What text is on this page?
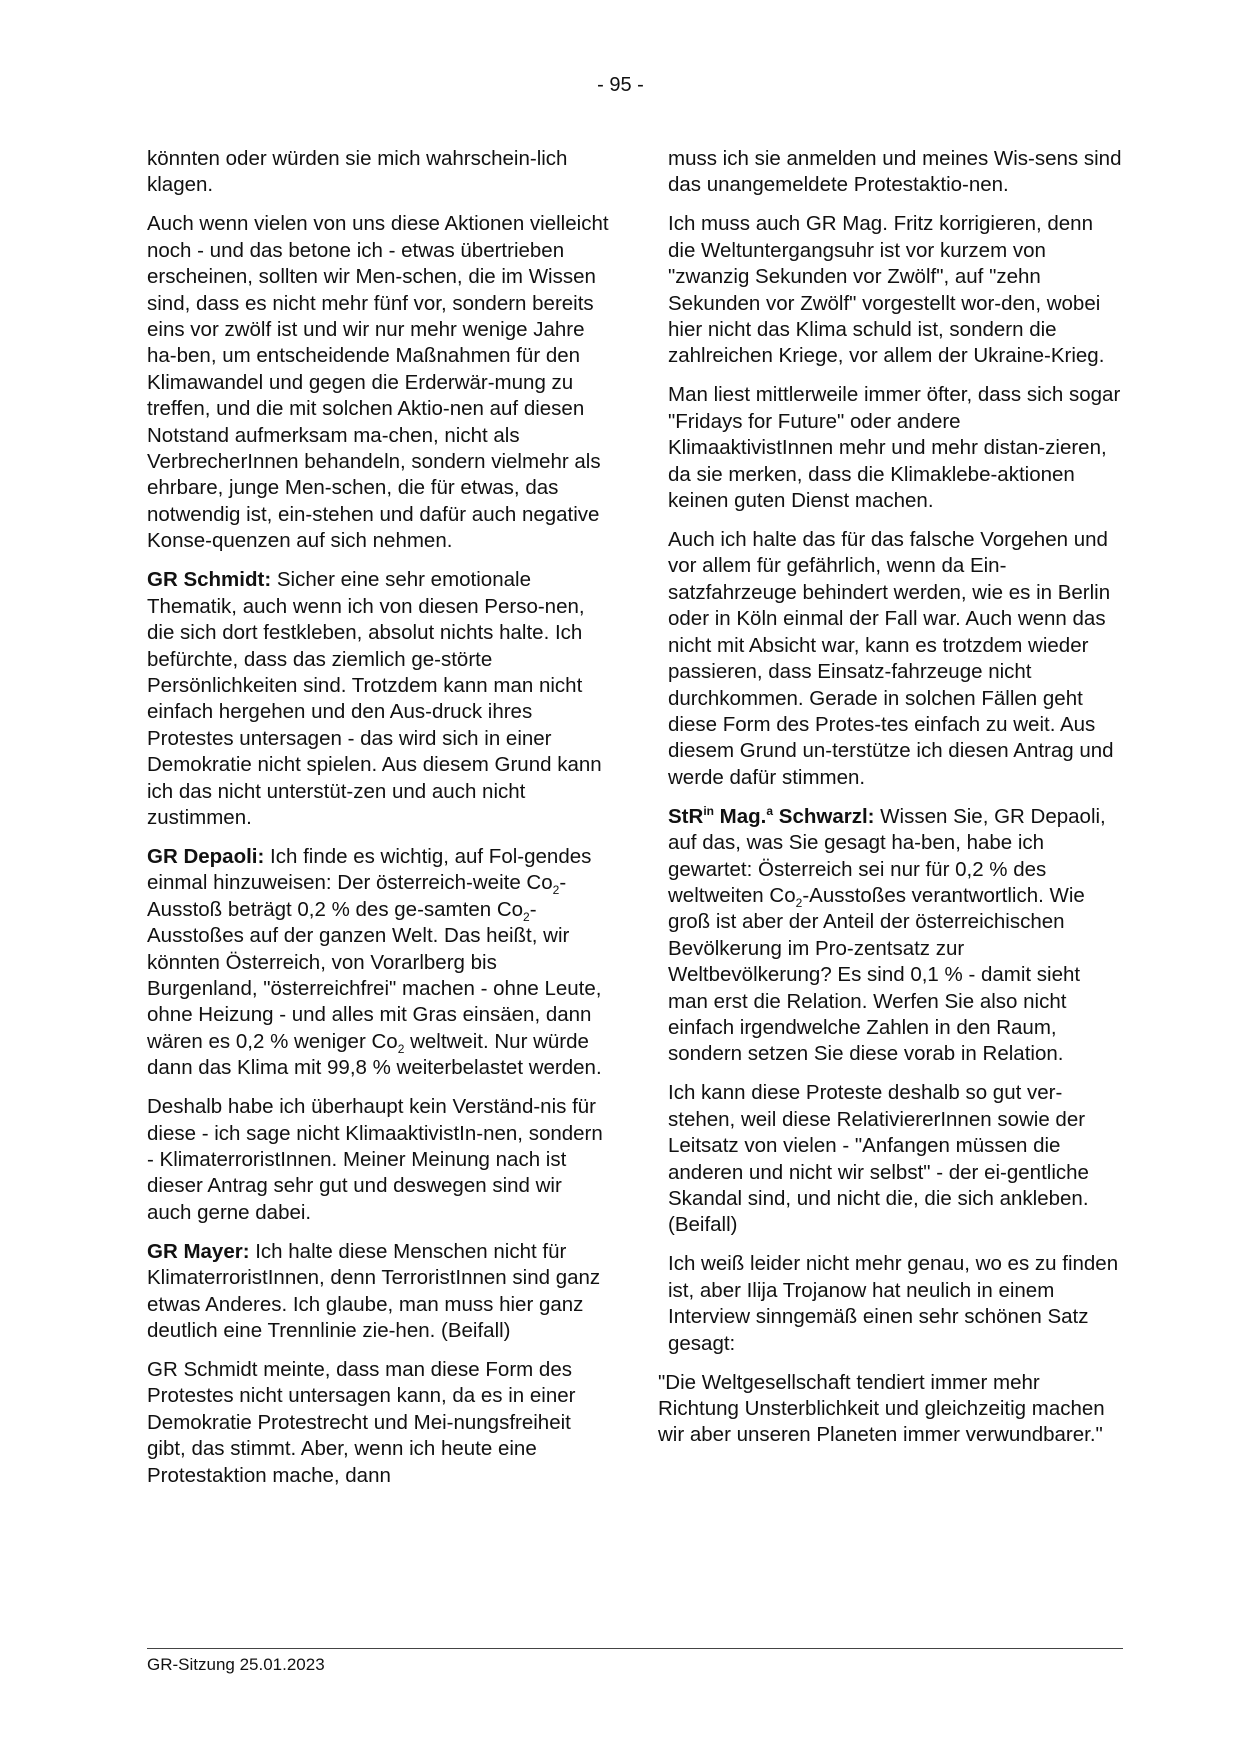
- 95 -

könnten oder würden sie mich wahrschein-lich klagen.

Auch wenn vielen von uns diese Aktionen vielleicht noch - und das betone ich - etwas übertrieben erscheinen, sollten wir Men-schen, die im Wissen sind, dass es nicht mehr fünf vor, sondern bereits eins vor zwölf ist und wir nur mehr wenige Jahre ha-ben, um entscheidende Maßnahmen für den Klimawandel und gegen die Erderwär-mung zu treffen, und die mit solchen Aktio-nen auf diesen Notstand aufmerksam ma-chen, nicht als VerbrecherInnen behandeln, sondern vielmehr als ehrbare, junge Men-schen, die für etwas, das notwendig ist, ein-stehen und dafür auch negative Konse-quenzen auf sich nehmen.

GR Schmidt: Sicher eine sehr emotionale Thematik, auch wenn ich von diesen Perso-nen, die sich dort festkleben, absolut nichts halte. Ich befürchte, dass das ziemlich ge-störte Persönlichkeiten sind. Trotzdem kann man nicht einfach hergehen und den Aus-druck ihres Protestes untersagen - das wird sich in einer Demokratie nicht spielen. Aus diesem Grund kann ich das nicht unterstüt-zen und auch nicht zustimmen.

GR Depaoli: Ich finde es wichtig, auf Fol-gendes einmal hinzuweisen: Der österreich-weite $Co_2$-Ausstoß beträgt 0,2 % des ge-samten $Co_2$-Ausstoßes auf der ganzen Welt. Das heißt, wir könnten Österreich, von Vorarlberg bis Burgenland, "österreichfrei" machen - ohne Leute, ohne Heizung - und alles mit Gras einsäen, dann wären es 0,2 % weniger $Co_2$ weltweit. Nur würde dann das Klima mit 99,8 % weiterbelastet werden.

Deshalb habe ich überhaupt kein Verständ-nis für diese - ich sage nicht KlimaaktivistIn-nen, sondern - KlimaterroristInnen. Meiner Meinung nach ist dieser Antrag sehr gut und deswegen sind wir auch gerne dabei.

GR Mayer: Ich halte diese Menschen nicht für KlimaterroristInnen, denn TerroristInnen sind ganz etwas Anderes. Ich glaube, man muss hier ganz deutlich eine Trennlinie zie-hen. (Beifall)

GR Schmidt meinte, dass man diese Form des Protestes nicht untersagen kann, da es in einer Demokratie Protestrecht und Mei-nungsfreiheit gibt, das stimmt. Aber, wenn ich heute eine Protestaktion mache, dann

muss ich sie anmelden und meines Wis-sens sind das unangemeldete Protestaktio-nen.

Ich muss auch GR Mag. Fritz korrigieren, denn die Weltuntergangsuhr ist vor kurzem von "zwanzig Sekunden vor Zwölf", auf "zehn Sekunden vor Zwölf" vorgestellt wor-den, wobei hier nicht das Klima schuld ist, sondern die zahlreichen Kriege, vor allem der Ukraine-Krieg.

Man liest mittlerweile immer öfter, dass sich sogar "Fridays for Future" oder andere KlimaaktivistInnen mehr und mehr distan-zieren, da sie merken, dass die Klimaklebe-aktionen keinen guten Dienst machen.

Auch ich halte das für das falsche Vorgehen und vor allem für gefährlich, wenn da Ein-satzfahrzeuge behindert werden, wie es in Berlin oder in Köln einmal der Fall war. Auch wenn das nicht mit Absicht war, kann es trotzdem wieder passieren, dass Einsatz-fahrzeuge nicht durchkommen. Gerade in solchen Fällen geht diese Form des Protes-tes einfach zu weit. Aus diesem Grund un-terstütze ich diesen Antrag und werde dafür stimmen.

StR$^{in}$ Mag.$^a$ Schwarzl: Wissen Sie, GR Depaoli, auf das, was Sie gesagt ha-ben, habe ich gewartet: Österreich sei nur für 0,2 % des weltweiten $Co_2$-Ausstoßes verantwortlich. Wie groß ist aber der Anteil der österreichischen Bevölkerung im Pro-zentsatz zur Weltbevölkerung? Es sind 0,1 % - damit sieht man erst die Relation. Werfen Sie also nicht einfach irgendwelche Zahlen in den Raum, sondern setzen Sie diese vorab in Relation.

Ich kann diese Proteste deshalb so gut ver-stehen, weil diese RelativiererInnen sowie der Leitsatz von vielen - "Anfangen müssen die anderen und nicht wir selbst" - der ei-gentliche Skandal sind, und nicht die, die sich ankleben. (Beifall)

Ich weiß leider nicht mehr genau, wo es zu finden ist, aber Ilija Trojanow hat neulich in einem Interview sinngemäß einen sehr schönen Satz gesagt:

"Die Weltgesellschaft tendiert immer mehr Richtung Unsterblichkeit und gleichzeitig machen wir aber unseren Planeten immer verwundbarer."

GR-Sitzung 25.01.2023
